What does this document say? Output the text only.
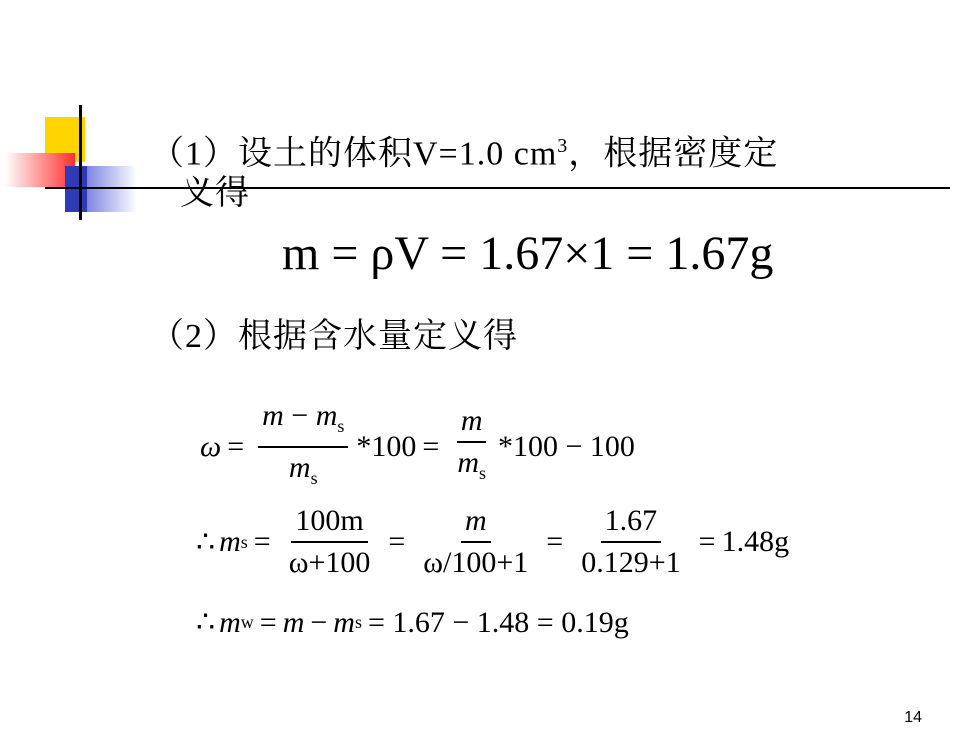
（1）设土的体积V=1.0 $cm^3$，根据密度定
义得
m = ρV = 1.67×1 = 1.67g
（2）根据含水量定义得
$\omega = \frac{m - m_s}{m_s} *100 = \frac{m}{m_s} *100 - 100$
∴ m $s = \frac{100m}{\omega+100} = \frac{m}{\omega/100+1} = \frac{1.67}{0.129+1} = 1.48g$
∴ m w = m − m s = 1.67 − 1.48 = 0.19g
14
